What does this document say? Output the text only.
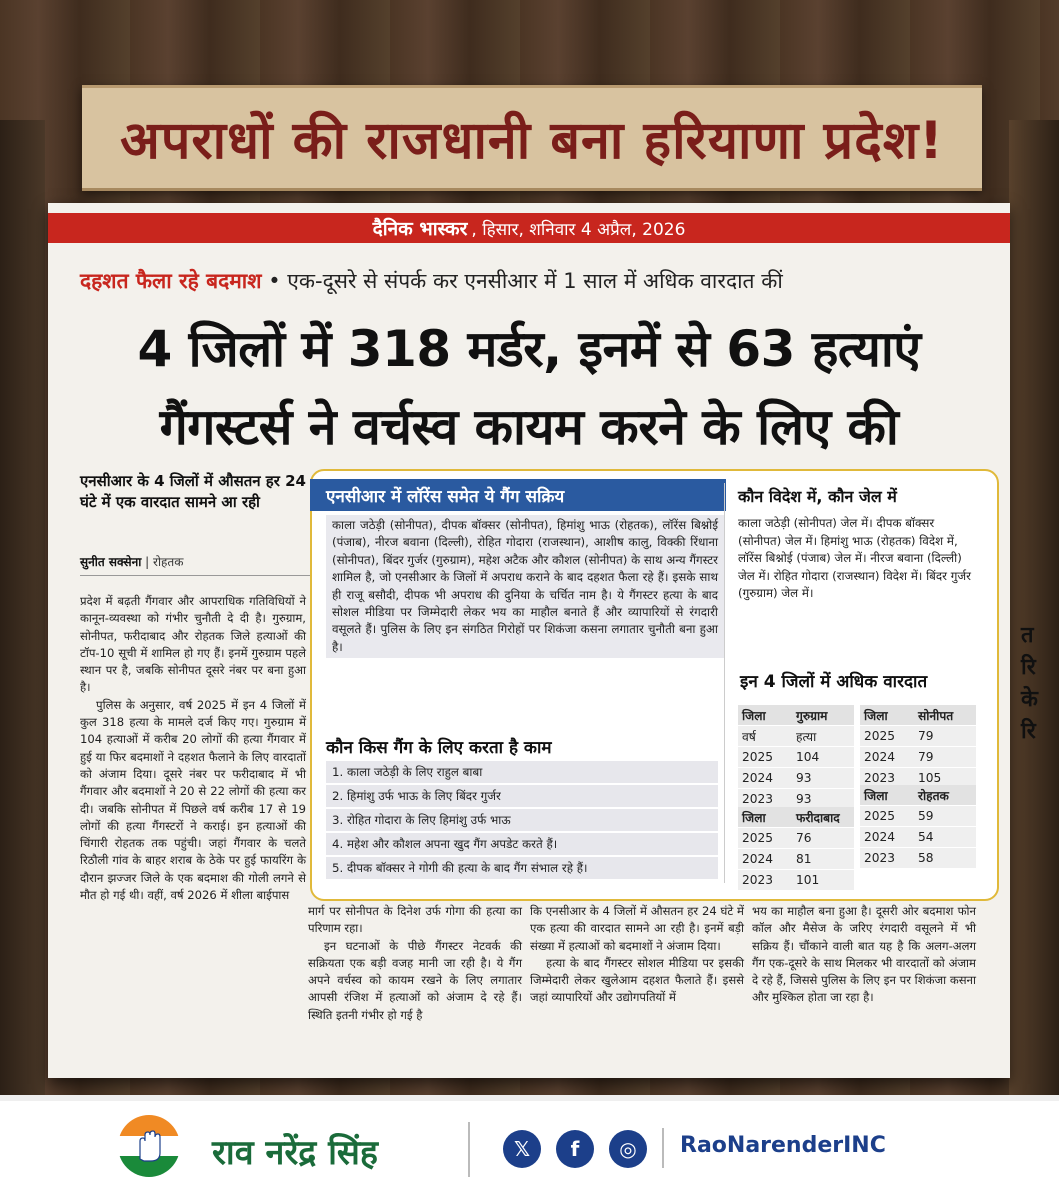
त
रि
के
रि
अपराधों की राजधानी बना हरियाणा प्रदेश!
दैनिक भास्कर , हिसार, शनिवार 4 अप्रैल, 2026
दहशत फैला रहे बदमाश • एक-दूसरे से संपर्क कर एनसीआर में 1 साल में अधिक वारदात कीं
4 जिलों में 318 मर्डर, इनमें से 63 हत्याएं
गैंगस्टर्स ने वर्चस्व कायम करने के लिए की
एनसीआर के 4 जिलों में औसतन हर 24 घंटे में एक वारदात सामने आ रही
सुनीत सक्सेना | रोहतक

प्रदेश में बढ़ती गैंगवार और आपराधिक गतिविधियों ने कानून-व्यवस्था को गंभीर चुनौती दे दी है। गुरुग्राम, सोनीपत, फरीदाबाद और रोहतक जिले हत्याओं की टॉप-10 सूची में शामिल हो गए हैं। इनमें गुरुग्राम पहले स्थान पर है, जबकि सोनीपत दूसरे नंबर पर बना हुआ है।

पुलिस के अनुसार, वर्ष 2025 में इन 4 जिलों में कुल 318 हत्या के मामले दर्ज किए गए। गुरुग्राम में 104 हत्याओं में करीब 20 लोगों की हत्या गैंगवार में हुई या फिर बदमाशों ने दहशत फैलाने के लिए वारदातों को अंजाम दिया। दूसरे नंबर पर फरीदाबाद में भी गैंगवार और बदमाशों ने 20 से 22 लोगों की हत्या कर दी। जबकि सोनीपत में पिछले वर्ष करीब 17 से 19 लोगों की हत्या गैंगस्टरों ने कराई। इन हत्याओं की चिंगारी रोहतक तक पहुंची। जहां गैंगवार के चलते रिठौली गांव के बाहर शराब के ठेके पर हुई फायरिंग के दौरान झज्जर जिले के एक बदमाश की गोली लगने से मौत हो गई थी। वहीं, वर्ष 2026 में शीला बाईपास

एनसीआर में लॉरेंस समेत ये गैंग सक्रिय
काला जठेड़ी (सोनीपत), दीपक बॉक्सर (सोनीपत), हिमांशु भाऊ (रोहतक), लॉरेंस बिश्नोई (पंजाब), नीरज बवाना (दिल्ली), रोहित गोदारा (राजस्थान), आशीष कालु, विक्की रिंधाना (सोनीपत), बिंदर गुर्जर (गुरुग्राम), महेश अटैक और कौशल (सोनीपत) के साथ अन्य गैंगस्टर शामिल है, जो एनसीआर के जिलों में अपराध कराने के बाद दहशत फैला रहे हैं। इसके साथ ही राजू बसौदी, दीपक भी अपराध की दुनिया के चर्चित नाम है। ये गैंगस्टर हत्या के बाद सोशल मीडिया पर जिम्मेदारी लेकर भय का माहौल बनाते हैं और व्यापारियों से रंगदारी वसूलते हैं। पुलिस के लिए इन संगठित गिरोहों पर शिकंजा कसना लगातार चुनौती बना हुआ है।
कौन किस गैंग के लिए करता है काम
1. काला जठेड़ी के लिए राहुल बाबा
2. हिमांशु उर्फ भाऊ के लिए बिंदर गुर्जर
3. रोहित गोदारा के लिए हिमांशु उर्फ भाऊ
4. महेश और कौशल अपना खुद गैंग अपडेट करते हैं।
5. दीपक बॉक्सर ने गोगी की हत्या के बाद गैंग संभाल रहे हैं।
कौन विदेश में, कौन जेल में
काला जठेड़ी (सोनीपत) जेल में। दीपक बॉक्सर (सोनीपत) जेल में। हिमांशु भाऊ (रोहतक) विदेश में, लॉरेंस बिश्नोई (पंजाब) जेल में। नीरज बवाना (दिल्ली) जेल में। रोहित गोदारा (राजस्थान) विदेश में। बिंदर गुर्जर (गुरुग्राम) जेल में।
इन 4 जिलों में अधिक वारदात
जिला	गुरुग्राम
वर्ष	हत्या
2025	104
2024	93
2023	93
जिला	फरीदाबाद
2025	76
2024	81
2023	101
जिला	सोनीपत
2025	79
2024	79
2023	105
जिला	रोहतक
2025	59
2024	54
2023	58

मार्ग पर सोनीपत के दिनेश उर्फ गोगा की हत्या का परिणाम रहा।

इन घटनाओं के पीछे गैंगस्टर नेटवर्क की सक्रियता एक बड़ी वजह मानी जा रही है। ये गैंग अपने वर्चस्व को कायम रखने के लिए लगातार आपसी रंजिश में हत्याओं को अंजाम दे रहे हैं। स्थिति इतनी गंभीर हो गई है

कि एनसीआर के 4 जिलों में औसतन हर 24 घंटे में एक हत्या की वारदात सामने आ रही है। इनमें बड़ी संख्या में हत्याओं को बदमाशों ने अंजाम दिया।

हत्या के बाद गैंगस्टर सोशल मीडिया पर इसकी जिम्मेदारी लेकर खुलेआम दहशत फैलाते हैं। इससे जहां व्यापारियों और उद्योगपतियों में

भय का माहौल बना हुआ है। दूसरी ओर बदमाश फोन कॉल और मैसेज के जरिए रंगदारी वसूलने में भी सक्रिय हैं। चौंकाने वाली बात यह है कि अलग-अलग गैंग एक-दूसरे के साथ मिलकर भी वारदातों को अंजाम दे रहे हैं, जिससे पुलिस के लिए इन पर शिकंजा कसना और मुश्किल होता जा रहा है।

राव नरेंद्र सिंह	𝕏	f	◎	RaoNarenderINC
